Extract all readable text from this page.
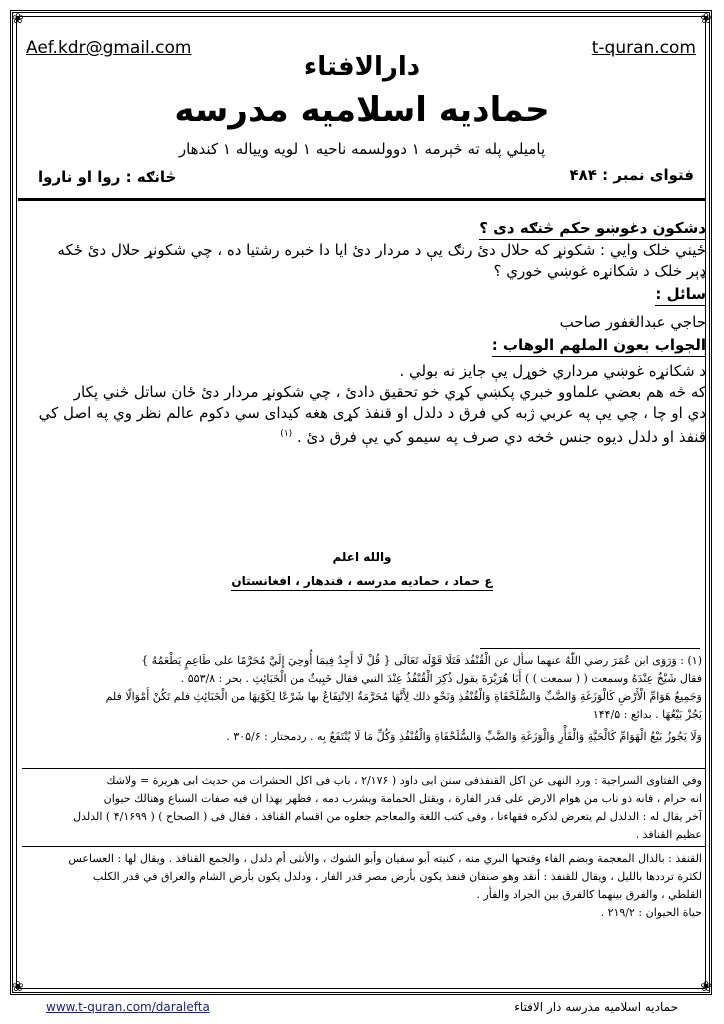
❀	❀
❀	❀
Aef.kdr@gmail.com	t-quran.com
دارالافتاء
حمادیه اسلامیه مدرسه
پاميلي پله ته څېرمه ۱ دوولسمه ناحيه ۱ لويه ويياله ۱ کندهار
فتوای نمبر : ۴۸۴
څانګه : روا او ناروا
دشکون دغوښو حکم څنګه دی ؟
ځيني خلک وايي : شکونړ که حلال دئ رنګ يې د مردار دئ ايا دا خبره رشتيا ده ، چي شکونړ حلال دئ ځکه
ډېر خلک د شکانړه غوښي خوري ؟
سائل :
حاجي عبدالغفور صاحب
الجواب بعون الملهم الوهاب :
د شکانړه غوښي مرداري خوړل يې جايز نه بولي .
که څه هم بعضي علماوو خبري پکښي کړي خو تحقيق دادئ ، چي شکونړ مردار دئ ځان ساتل څني پکار
دي او چا ، چي يې په عربي ژبه کي فرق د دلدل او قنفذ کړی هغه کيدای سي دکوم عالم نظر وي په اصل کي
قنفذ او دلدل ديوه جنس څخه دي صرف په سيمو کي يې فرق دئ . $^{(۱)}$
والله اعلم
ع حماد ، حمادیه مدرسه ، قندهار ، افغانستان
(۱) : وَرَوَى ابن عُمَرَ رضي اللّٰهُ عنهما سأل عن الْقُنْفُذ فَتَلَا قَوْلَه تَعَالَى { قُلْ لَا أَجِدُ فِيمَا أُوحِيَ إِلَيَّ مُحَرَّمًا على طَاعِمٍ يَطْعَمُهُ }
فقال شَيْخٌ عِنْدَهُ وسمعت ( ( سمعت ) ) أَبَا هُرَيْرَةَ يقول ذُكِرَ الْقُنْفُذُ عِنْدَ النبي فقال خَبِيثٌ من الْخَبَائِثِ . بحر : ۵۵۳/۸ .
وَجَمِيعُ هَوَامِّ الْأَرْضِ كَالْوَزَغَةِ وَالضَّبِّ وَالسُّلَحْفَاةِ وَالْقُنْفُذِ وَنَحْوِ ذلك لِأَنَّهَا مُحَرَّمَةٌ الِانْتِفَاعُ بها شَرْعًا لِكَوْنِهَا من الْخَبَائِثِ فلم تَكُنْ أَمْوَالًا فلم
يَجُزْ بَيْعُهَا . بدائع : ۱۴۴/۵
وَلَا يَجُوزُ بَيْعُ الْهَوَامِّ كَالْحَيَّةِ وَالْفَأْرِ وَالْوَزَغَةِ وَالضَّبِّ وَالسُّلَحْفَاةِ وَالْقُنْفُذِ وَكُلِّ مَا لَا يُنْتَفَعُ بِه . ردمحتار : ۳۰۵/۶ .
وفي الفتاوى السراجية : ورد النهى عن اكل القنفذفى سنن ابى داود ( ۲/۱۷۶ ، باب فى اكل الحشرات من حديث ابى هريرة = ولاشك
انه حرام ، فانه ذو ناب من هوام الارض على قدر الفارة ، ويقتل الحمامة ويشرب دمه ، فظهر بهذا ان فيه صفات السباع وهنالك حيوان
آخر يقال له : الدلدل لم يتعرض لذكره فقهاءنا ، وفى كتب اللغة والمعاجم جعلوه من اقسام القنافذ ، فقال فى ( الصحاح ) ( ۴/۱۶۹۹ ) الدلدل
عظيم القنافذ .
القنفذ : بالذال المعجمة وبضم الفاء وفتحها البري منه ، كنيته أبو سفيان وأبو الشوك ، والأنثى أم دلدل ، والجمع القنافذ . ويقال لها : العساعس
لكثرة ترددها بالليل ، ويقال للقنفذ : أنقد وهو صنفان قنفذ يكون بأرض مصر قدر الفار ، ودلدل يكون بأرض الشام والعراق في قدر الكلب
القلطي ، والفرق بينهما كالفرق بين الجراد والفأر .
حياة الحيوان : ۲۱۹/۲ .
www.t-quran.com/daralefta	حمادیه اسلامیه مدرسه دار الافتاء
